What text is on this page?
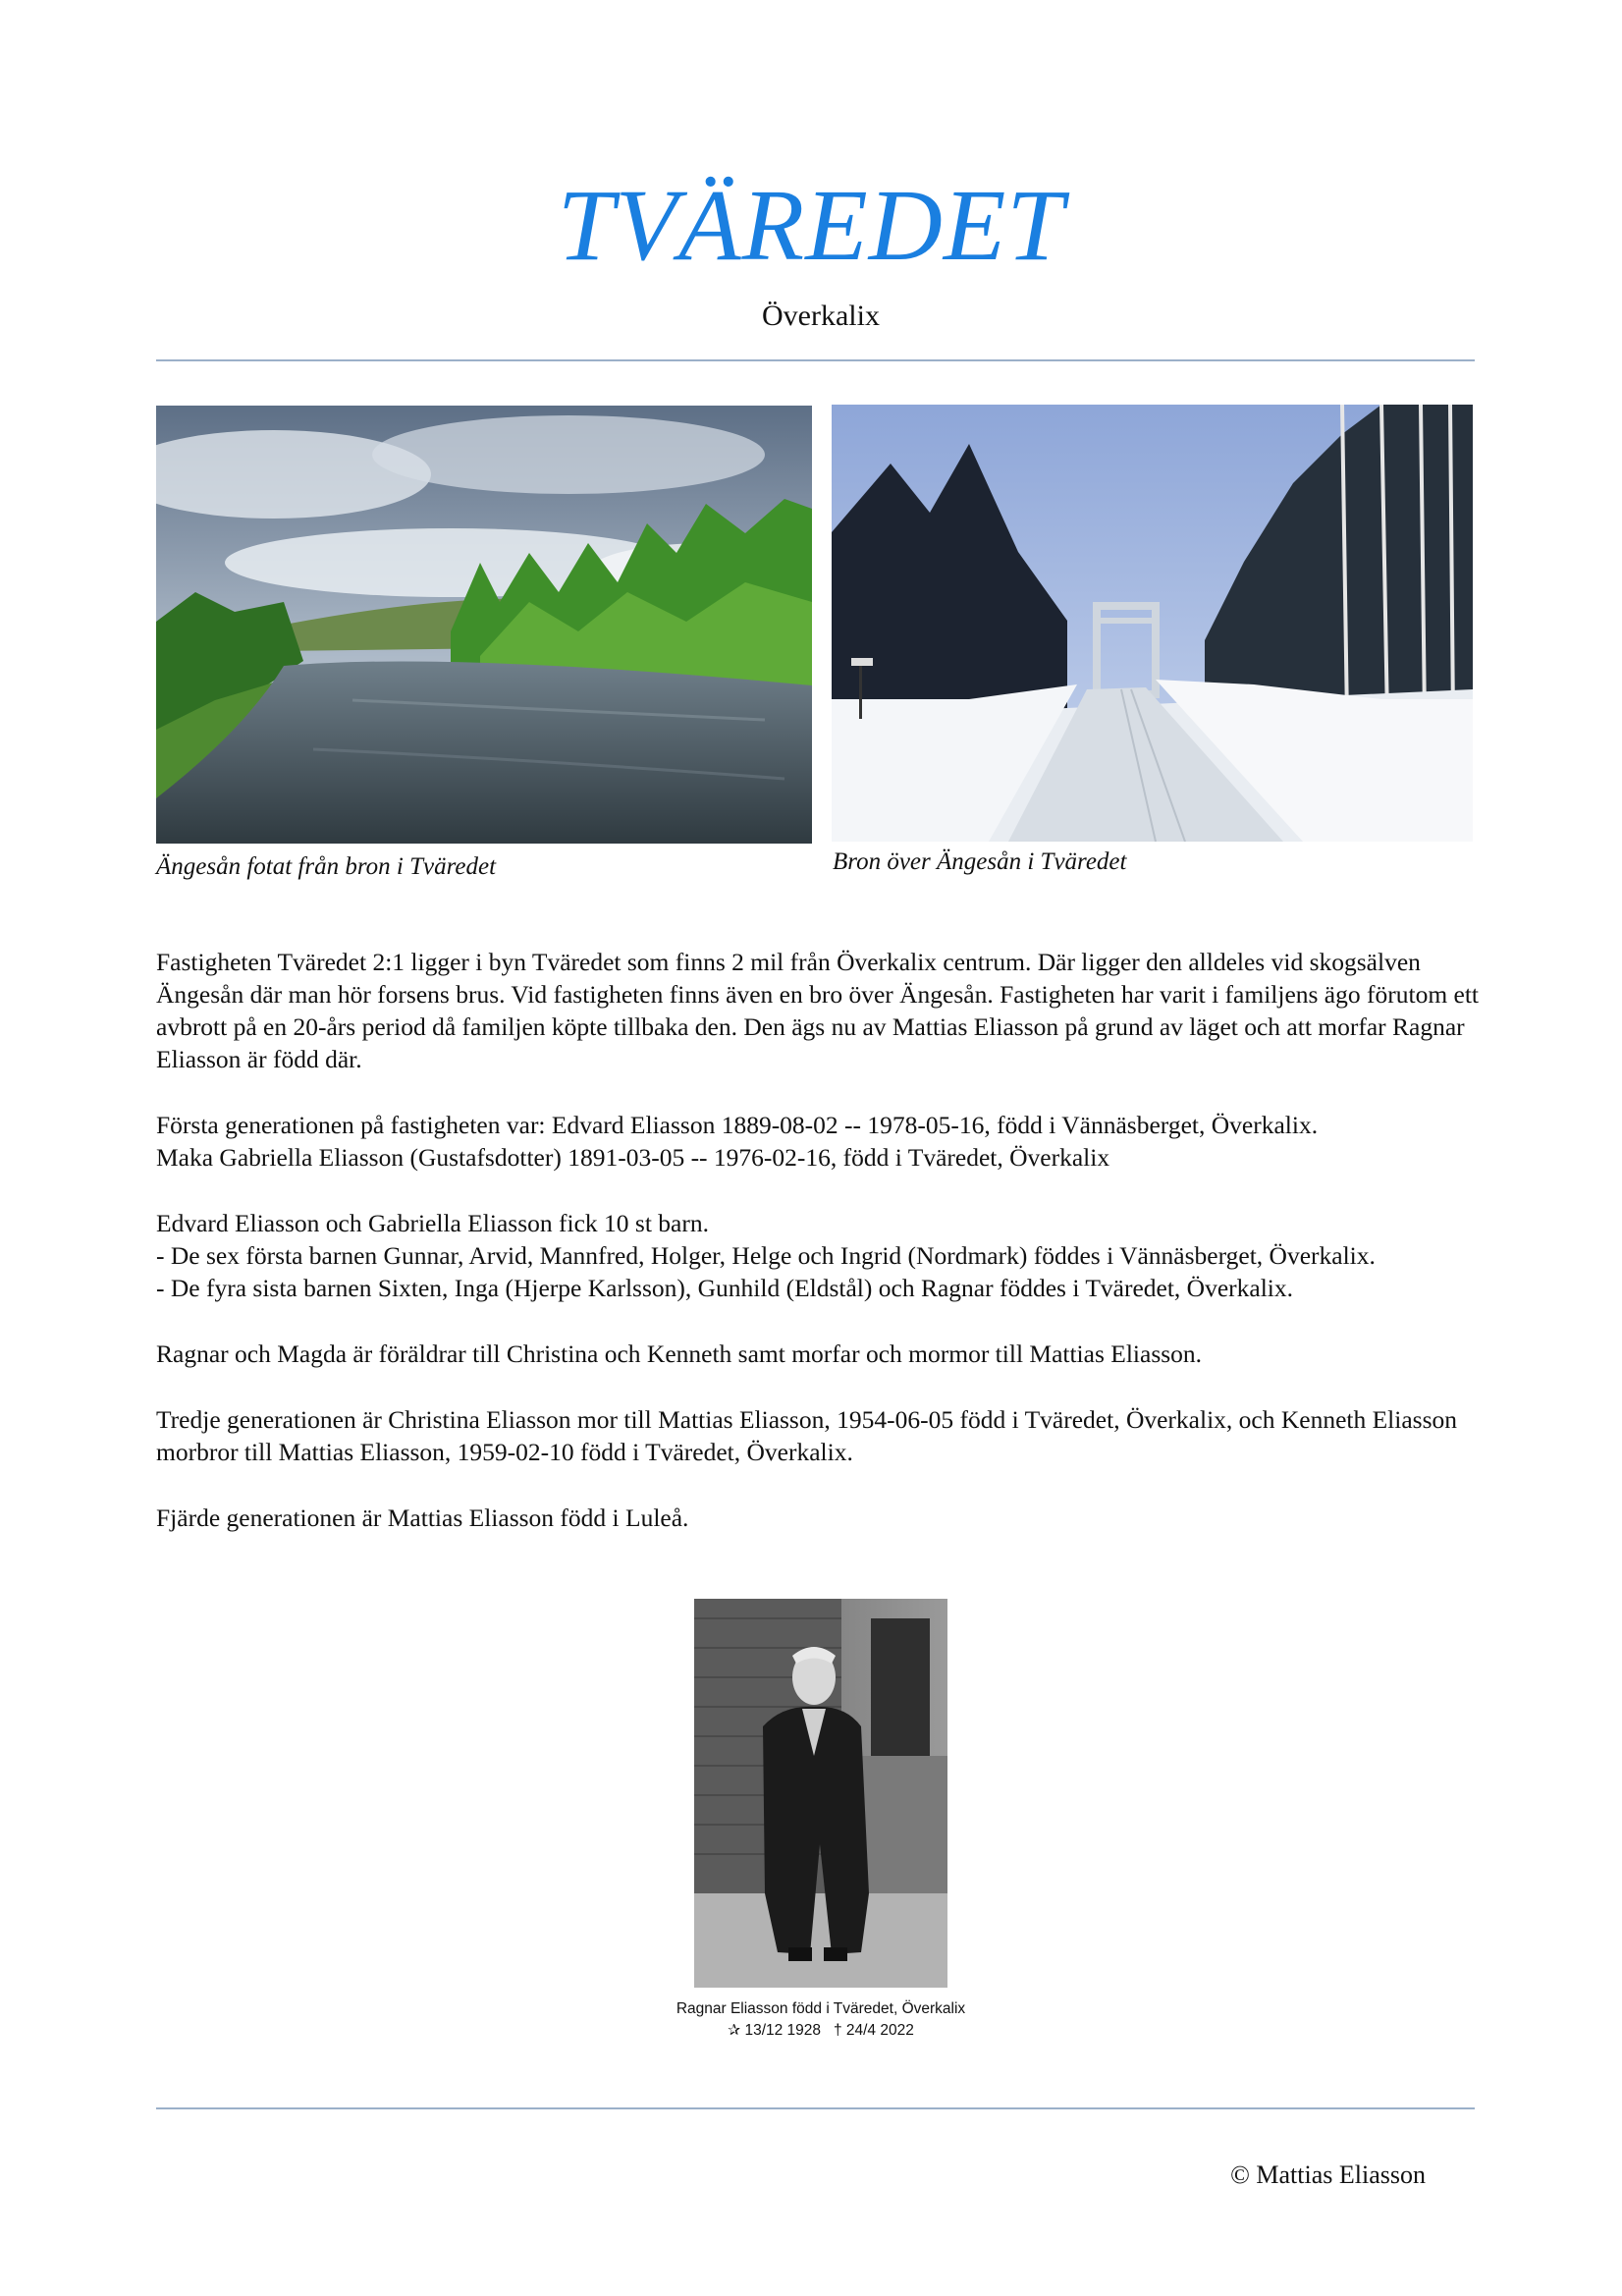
TVÄREDET
Överkalix
Ängesån fotat från bron i Tväredet	Bron över Ängesån i Tväredet

Fastigheten Tväredet 2:1 ligger i byn Tväredet som finns 2 mil från Överkalix centrum. Där ligger den alldeles vid skogsälven Ängesån där man hör forsens brus. Vid fastigheten finns även en bro över Ängesån. Fastigheten har varit i familjens ägo förutom ett avbrott på en 20-års period då familjen köpte tillbaka den. Den ägs nu av Mattias Eliasson på grund av läget och att morfar Ragnar Eliasson är född där.

Första generationen på fastigheten var: Edvard Eliasson 1889-08-02 -- 1978-05-16, född i Vännäsberget, Överkalix.
Maka Gabriella Eliasson (Gustafsdotter) 1891-03-05 -- 1976-02-16, född i Tväredet, Överkalix

Edvard Eliasson och Gabriella Eliasson fick 10 st barn.
- De sex första barnen Gunnar, Arvid, Mannfred, Holger, Helge och Ingrid (Nordmark) föddes i Vännäsberget, Överkalix.
- De fyra sista barnen Sixten, Inga (Hjerpe Karlsson), Gunhild (Eldstål) och Ragnar föddes i Tväredet, Överkalix.

Ragnar och Magda är föräldrar till Christina och Kenneth samt morfar och mormor till Mattias Eliasson.

Tredje generationen är Christina Eliasson mor till Mattias Eliasson, 1954-06-05 född i Tväredet, Överkalix, och Kenneth Eliasson morbror till Mattias Eliasson, 1959-02-10 född i Tväredet, Överkalix.

Fjärde generationen är Mattias Eliasson född i Luleå.

Ragnar Eliasson född i Tväredet, Överkalix
✰ 13/12 1928   † 24/4 2022
© Mattias Eliasson
